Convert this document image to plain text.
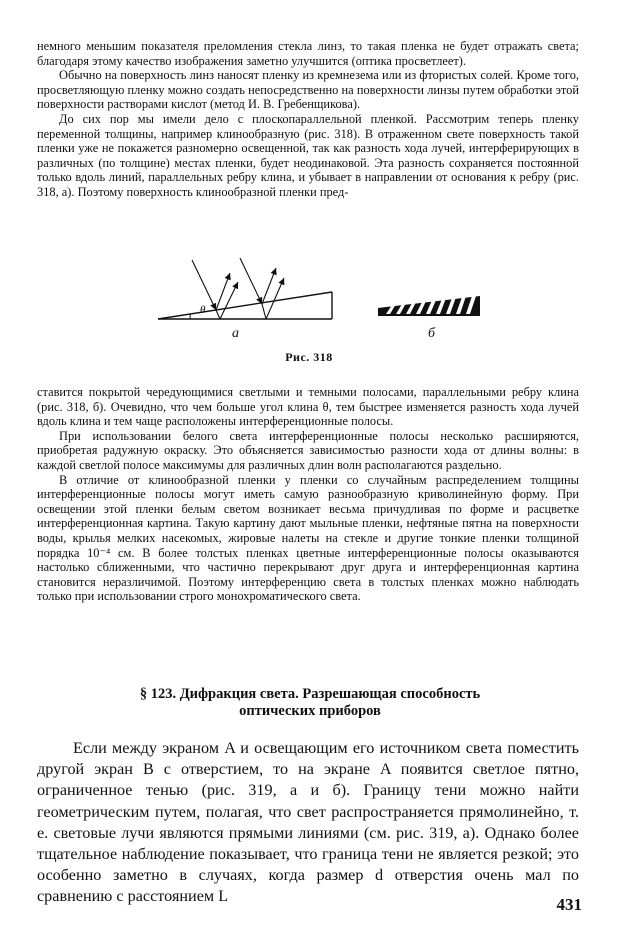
немного меньшим показателя преломления стекла линз, то такая пленка не будет отражать света; благодаря этому качество изображения заметно улучшится (оптика просветлеет).

Обычно на поверхность линз наносят пленку из кремнезема или из фтористых солей. Кроме того, просветляющую пленку можно создать непосредственно на поверхности линзы путем обработки этой поверхности растворами кислот (метод И. В. Гребенщикова).

До сих пор мы имели дело с плоскопараллельной пленкой. Рассмотрим теперь пленку переменной толщины, например клинообразную (рис. 318). В отраженном свете поверхность такой пленки уже не покажется разномерно освещенной, так как разность хода лучей, интерферирующих в различных (по толщине) местах пленки, будет неодинаковой. Эта разность сохраняется постоянной только вдоль линий, параллельных ребру клина, и убывает в направлении от основания к ребру (рис. 318, а). Поэтому поверхность клинообразной пленки пред-

θ
а	б
Рис. 318

ставится покрытой чередующимися светлыми и темными полосами, параллельными ребру клина (рис. 318, б). Очевидно, что чем больше угол клина θ, тем быстрее изменяется разность хода лучей вдоль клина и тем чаще расположены интерференционные полосы.

При использовании белого света интерференционные полосы несколько расширяются, приобретая радужную окраску. Это объясняется зависимостью разности хода от длины волны: в каждой светлой полосе максимумы для различных длин волн располагаются раздельно.

В отличие от клинообразной пленки у пленки со случайным распределением толщины интерференционные полосы могут иметь самую разнообразную криволинейную форму. При освещении этой пленки белым светом возникает весьма причудливая по форме и расцветке интерференционная картина. Такую картину дают мыльные пленки, нефтяные пятна на поверхности воды, крылья мелких насекомых, жировые налеты на стекле и другие тонкие пленки толщиной порядка 10⁻⁴ см. В более толстых пленках цветные интерференционные полосы оказываются настолько сближенными, что частично перекрывают друг друга и интерференционная картина становится неразличимой. Поэтому интерференцию света в толстых пленках можно наблюдать только при использовании строго монохроматического света.

§ 123. Дифракция света. Разрешающая способность
оптических приборов

Если между экраном A и освещающим его источником света поместить другой экран B с отверстием, то на экране A появится светлое пятно, ограниченное тенью (рис. 319, а и б). Границу тени можно найти геометрическим путем, полагая, что свет распространяется прямолинейно, т. е. световые лучи являются прямыми линиями (см. рис. 319, а). Однако более тщательное наблюдение показывает, что граница тени не является резкой; это особенно заметно в случаях, когда размер d отверстия очень мал по сравнению с расстоянием L	431
